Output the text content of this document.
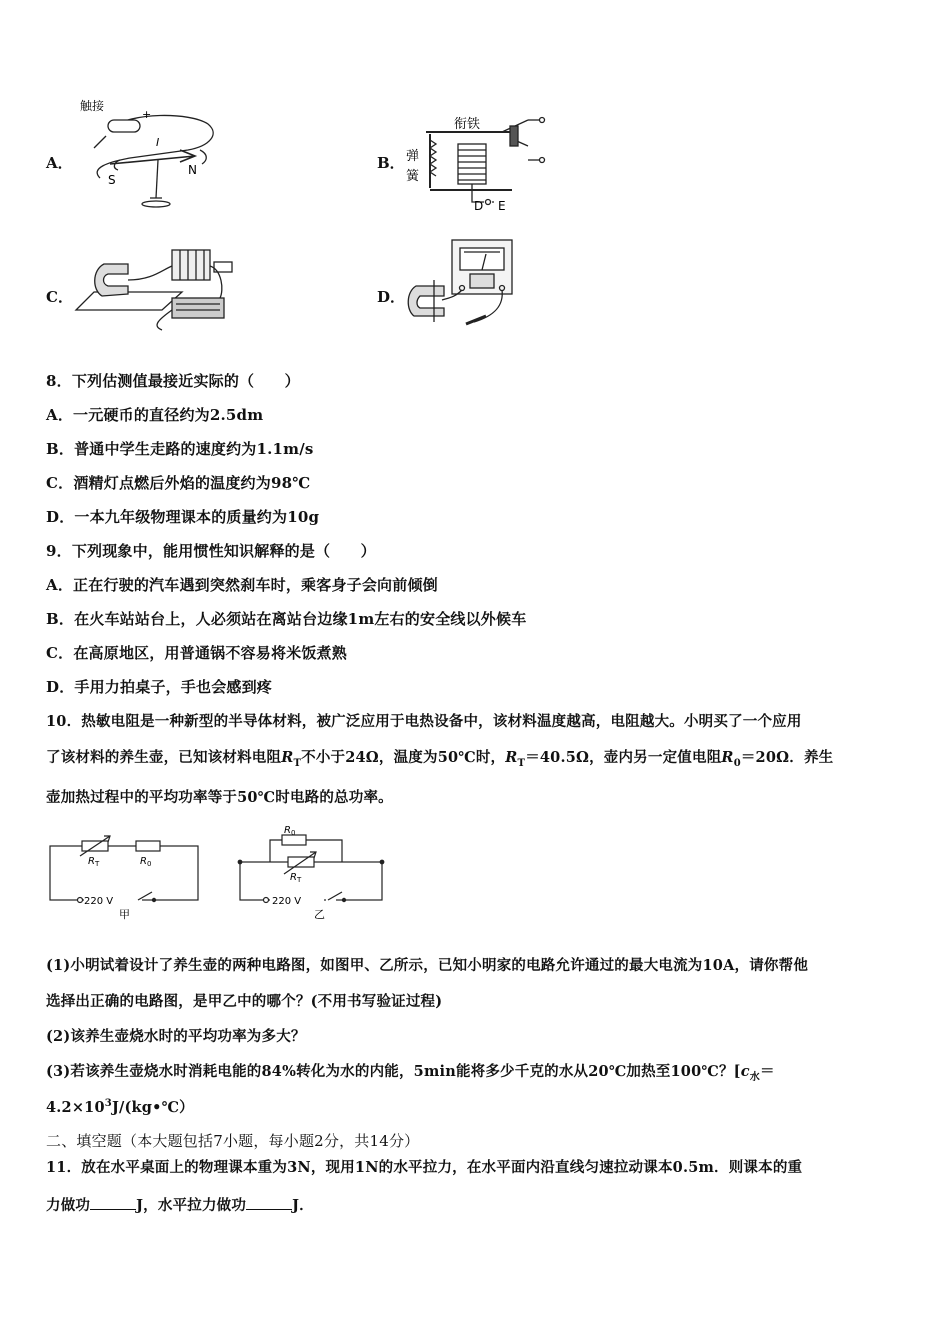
A．
触接
+
I
S
N	B．
衔铁
弹
簧
D E
C．	D．
8．下列估测值最接近实际的（　　）
A．一元硬币的直径约为2.5dm
B．普通中学生走路的速度约为1.1m/s
C．酒精灯点燃后外焰的温度约为98℃
D．一本九年级物理课本的质量约为10g
9．下列现象中，能用惯性知识解释的是（　　）
A．正在行驶的汽车遇到突然刹车时，乘客身子会向前倾倒
B．在火车站站台上，人必须站在离站台边缘1m左右的安全线以外候车
C．在高原地区，用普通锅不容易将米饭煮熟
D．手用力拍桌子，手也会感到疼
10．热敏电阻是一种新型的半导体材料，被广泛应用于电热设备中，该材料温度越高，电阻越大。小明买了一个应用
了该材料的养生壶，已知该材料电阻$R_T$不小于24Ω，温度为50℃时，$R_T=40.5\Omega$，壶内另一定值电阻$R_0=20\Omega$．养生
壶加热过程中的平均功率等于50℃时电路的总功率。
R T	R 0
220 V
甲
R 0
R T
220 V
乙
(1)小明试着设计了养生壶的两种电路图，如图甲、乙所示，已知小明家的电路允许通过的最大电流为10A，请你帮他
选择出正确的电路图，是甲乙中的哪个？(不用书写验证过程)
(2)该养生壶烧水时的平均功率为多大？
(3)若该养生壶烧水时消耗电能的84%转化为水的内能，5min能将多少千克的水从20℃加热至100℃？[$c_水=$
$4.2\times 10^3J/(kg•℃)$
二、填空题（本大题包括7小题，每小题2分，共14分）
11．放在水平桌面上的物理课本重为3N，现用1N的水平拉力，在水平面内沿直线匀速拉动课本0.5m．则课本的重
力做功	J，水平拉力做功	J．
